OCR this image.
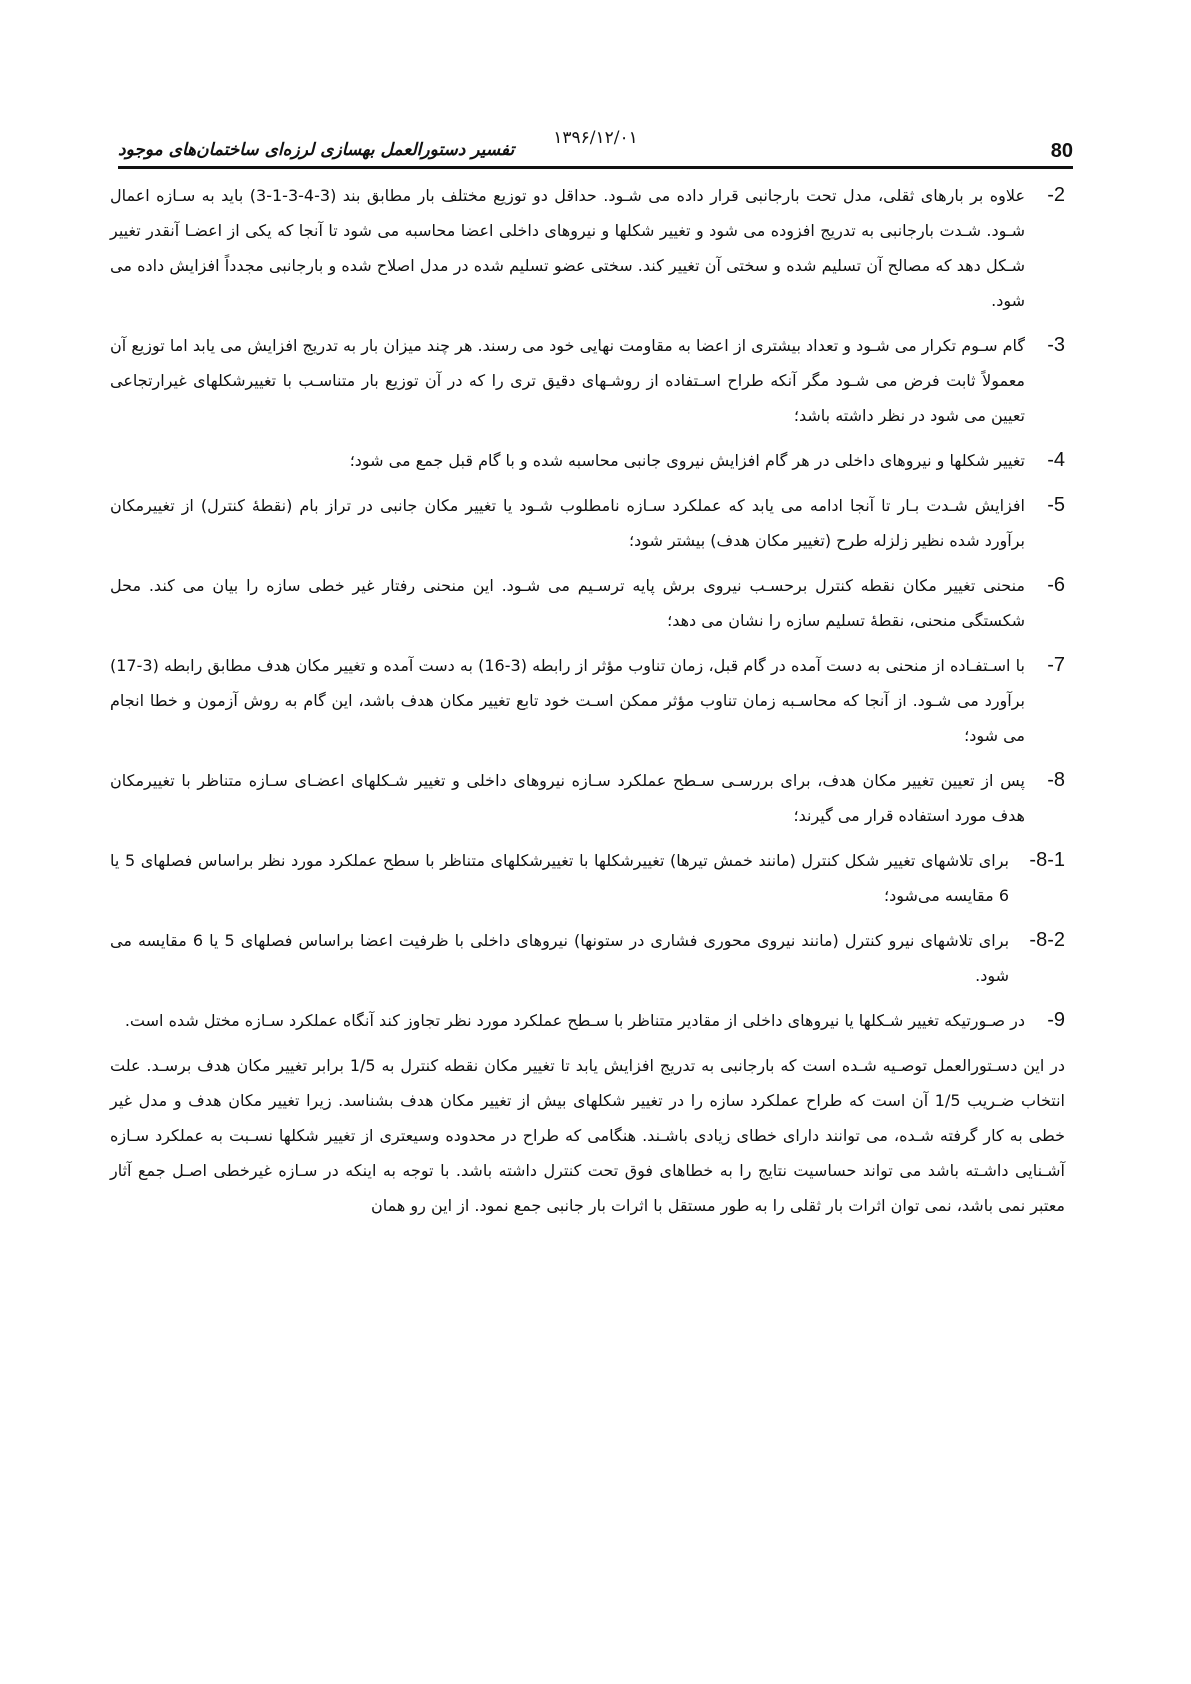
80
۱۳۹۶/۱۲/۰۱
تفسیر دستورالعمل بهسازی لرزه‌ای ساختمان‌های موجود
2-
علاوه بر بارهای ثقلی، مدل تحت بارجانبی قرار داده می شـود. حداقل دو توزیع مختلف بار مطابق بند (3-4-3-1-3) باید به سـازه اعمال شـود. شـدت بارجانبی به تدریج افزوده می شود و تغییر شکلها و نیروهای داخلی اعضا محاسبه می شود تا آنجا که یکی از اعضـا آنقدر تغییر شـکل دهد که مصالح آن تسلیم شده و سختی آن تغییر کند. سختی عضو تسلیم شده در مدل اصلاح شده و بارجانبی مجدداً افزایش داده می شود.
3-
گام سـوم تکرار می شـود و تعداد بیشتری از اعضا به مقاومت نهایی خود می رسند. هر چند میزان بار به تدریج افزایش می یابد اما توزیع آن معمولاً ثابت فرض می شـود مگر آنکه طراح اسـتفاده از روشـهای دقیق تری را که در آن توزیع بار متناسـب با تغییرشکلهای غیرارتجاعی تعیین می شود در نظر داشته باشد؛
4-
تغییر شکلها و نیروهای داخلی در هر گام افزایش نیروی جانبی محاسبه شده و با گام قبل جمع می شود؛
5-
افزایش شـدت بـار تا آنجا ادامه می یابد که عملکرد سـازه نامطلوب شـود یا تغییر مکان جانبی در تراز بام (نقطهٔ کنترل) از تغییرمکان برآورد شده نظیر زلزله طرح (تغییر مکان هدف) بیشتر شود؛
6-
منحنی تغییر مکان نقطه کنترل برحسـب نیروی برش پایه ترسـیم می شـود. این منحنی رفتار غیر خطی سازه را بیان می کند. محل شکستگی منحنی، نقطهٔ تسلیم سازه را نشان می دهد؛
7-
با اسـتفـاده از منحنی به دست آمده در گام قبل، زمان تناوب مؤثر از رابطه (3-16) به دست آمده و تغییر مکان هدف مطابق رابطه (3-17) برآورد می شـود. از آنجا که محاسـبه زمان تناوب مؤثر ممکن اسـت خود تابع تغییر مکان هدف باشد، این گام به روش آزمون و خطا انجام می شود؛
8-
پس از تعیین تغییر مکان هدف، برای بررسـی سـطح عملکرد سـازه نیروهای داخلی و تغییر شـکلهای اعضـای سـازه متناظر با تغییرمکان هدف مورد استفاده قرار می گیرند؛
8-1-
برای تلاشهای تغییر شکل کنترل (مانند خمش تیرها) تغییرشکلها با تغییرشکلهای متناظر با سطح عملکرد مورد نظر براساس فصلهای 5 یا 6 مقایسه می‌شود؛
8-2-
برای تلاشهای نیرو کنترل (مانند نیروی محوری فشاری در ستونها) نیروهای داخلی با ظرفیت اعضا براساس فصلهای 5 یا 6 مقایسه می شود.
9-
در صـورتیکه تغییر شـکلها یا نیروهای داخلی از مقادیر متناظر با سـطح عملکرد مورد نظر تجاوز کند آنگاه عملکرد سـازه مختل شده است.
در این دسـتورالعمل توصـیه شـده است که بارجانبی به تدریج افزایش یابد تا تغییر مکان نقطه کنترل به 1/5 برابر تغییر مکان هدف برسـد. علت انتخاب ضـریب 1/5 آن است که طراح عملکرد سازه را در تغییر شکلهای بیش از تغییر مکان هدف بشناسد. زیرا تغییر مکان هدف و مدل غیر خطی به کار گرفته شـده، می توانند دارای خطای زیادی باشـند. هنگامی که طراح در محدوده وسیعتری از تغییر شکلها نسـبت به عملکرد سـازه آشـنایی داشـته باشد می تواند حساسیت نتایج را به خطاهای فوق تحت کنترل داشته باشد. با توجه به اینکه در سـازه غیرخطی اصـل جمع آثار معتبر نمی باشد، نمی توان اثرات بار ثقلی را به طور مستقل با اثرات بار جانبی جمع نمود. از این رو همان
